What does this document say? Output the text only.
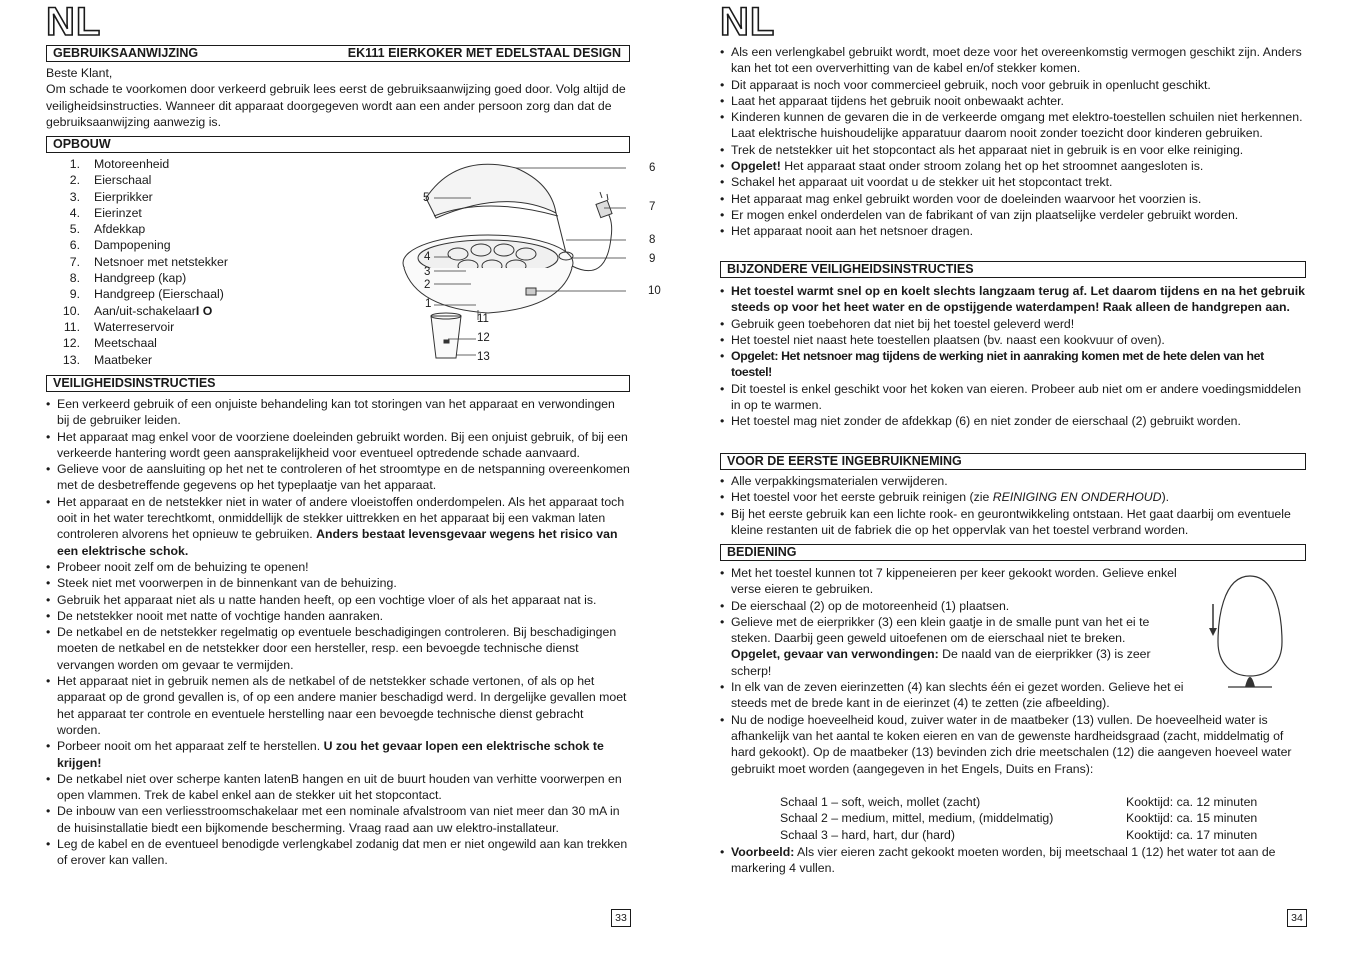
NL
GEBRUIKSAANWIJZING	EK111 EIERKOKER MET EDELSTAAL DESIGN

Beste Klant,

Om schade te voorkomen door verkeerd gebruik lees eerst de gebruiksaanwijzing goed door. Volg altijd de veiligheidsinstructies. Wanneer dit apparaat doorgegeven wordt aan een ander persoon zorg dan dat de gebruiksaanwijzing aanwezig is.

OPBOUW
1.	Motoreenheid
2.	Eierschaal
3.	Eierprikker
4.	Eierinzet
5.	Afdekkap
6.	Dampopening
7.	Netsnoer met netstekker
8.	Handgreep (kap)
9.	Handgreep (Eierschaal)
10.	Aan/uit-schakelaar I O
11.	Waterreservoir
12.	Meetschaal
13.	Maatbeker
6
5
7
8
4	9
3
2	10
1
11
12
13
VEILIGHEIDSINSTRUCTIES
• Een verkeerd gebruik of een onjuiste behandeling kan tot storingen van het apparaat en verwondingen bij de gebruiker leiden.
• Het apparaat mag enkel voor de voorziene doeleinden gebruikt worden. Bij een onjuist gebruik, of bij een verkeerde hantering wordt geen aansprakelijkheid voor eventueel optredende schade aanvaard.
• Gelieve voor de aansluiting op het net te controleren of het stroomtype en de netspanning overeenkomen met de desbetreffende gegevens op het typeplaatje van het apparaat.
• Het apparaat en de netstekker niet in water of andere vloeistoffen onderdompelen. Als het apparaat toch ooit in het water terechtkomt, onmiddellijk de stekker uittrekken en het apparaat bij een vakman laten controleren alvorens het opnieuw te gebruiken. Anders bestaat levensgevaar wegens het risico van een elektrische schok.
• Probeer nooit zelf om de behuizing te openen!
• Steek niet met voorwerpen in de binnenkant van de behuizing.
• Gebruik het apparaat niet als u natte handen heeft, op een vochtige vloer of als het apparaat nat is.
• De netstekker nooit met natte of vochtige handen aanraken.
• De netkabel en de netstekker regelmatig op eventuele beschadigingen controleren. Bij beschadigingen moeten de netkabel en de netstekker door een hersteller, resp. een bevoegde technische dienst vervangen worden om gevaar te vermijden.
• Het apparaat niet in gebruik nemen als de netkabel of de netstekker schade vertonen, of als op het apparaat op de grond gevallen is, of op een andere manier beschadigd werd. In dergelijke gevallen moet het apparaat ter controle en eventuele herstelling naar een bevoegde technische dienst gebracht worden.
• Porbeer nooit om het apparaat zelf te herstellen. U zou het gevaar lopen een elektrische schok te krijgen!
• De netkabel niet over scherpe kanten latenB hangen en uit de buurt houden van verhitte voorwerpen en open vlammen. Trek de kabel enkel aan de stekker uit het stopcontact.
• De inbouw van een verliesstroomschakelaar met een nominale afvalstroom van niet meer dan 30 mA in de huisinstallatie biedt een bijkomende bescherming. Vraag raad aan uw elektro-installateur.
• Leg de kabel en de eventueel benodigde verlengkabel zodanig dat men er niet ongewild aan kan trekken of erover kan vallen.
33
NL
• Als een verlengkabel gebruikt wordt, moet deze voor het overeenkomstig vermogen geschikt zijn. Anders kan het tot een oververhitting van de kabel en/of stekker komen.
• Dit apparaat is noch voor commercieel gebruik, noch voor gebruik in openlucht geschikt.
• Laat het apparaat tijdens het gebruik nooit onbewaakt achter.
• Kinderen kunnen de gevaren die in de verkeerde omgang met elektro-toestellen schuilen niet herkennen.
Laat elektrische huishoudelijke apparatuur daarom nooit zonder toezicht door kinderen gebruiken.
• Trek de netstekker uit het stopcontact als het apparaat niet in gebruik is en voor elke reiniging.
• Opgelet! Het apparaat staat onder stroom zolang het op het stroomnet aangesloten is.
• Schakel het apparaat uit voordat u de stekker uit het stopcontact trekt.
• Het apparaat mag enkel gebruikt worden voor de doeleinden waarvoor het voorzien is.
• Er mogen enkel onderdelen van de fabrikant of van zijn plaatselijke verdeler gebruikt worden.
• Het apparaat nooit aan het netsnoer dragen.
BIJZONDERE VEILIGHEIDSINSTRUCTIES
• Het toestel warmt snel op en koelt slechts langzaam terug af. Let daarom tijdens en na het gebruik steeds op voor het heet water en de opstijgende waterdampen! Raak alleen de handgrepen aan.
• Gebruik geen toebehoren dat niet bij het toestel geleverd werd!
• Het toestel niet naast hete toestellen plaatsen (bv. naast een kookvuur of oven).
• Opgelet: Het netsnoer mag tijdens de werking niet in aanraking komen met de hete delen van het toestel!
• Dit toestel is enkel geschikt voor het koken van eieren. Probeer aub niet om er andere voedingsmiddelen in op te warmen.
• Het toestel mag niet zonder de afdekkap (6) en niet zonder de eierschaal (2) gebruikt worden.
VOOR DE EERSTE INGEBRUIKNEMING
• Alle verpakkingsmaterialen verwijderen.
• Het toestel voor het eerste gebruik reinigen (zie REINIGING EN ONDERHOUD).
• Bij het eerste gebruik kan een lichte rook- en geurontwikkeling ontstaan. Het gaat daarbij om eventuele kleine restanten uit de fabriek die op het oppervlak van het toestel verbrand worden.
BEDIENING
• Met het toestel kunnen tot 7 kippeneieren per keer gekookt worden. Gelieve enkel verse eieren te gebruiken.
• De eierschaal (2) op de motoreenheid (1) plaatsen.
• Gelieve met de eierprikker (3) een klein gaatje in de smalle punt van het ei te steken. Daarbij geen geweld uitoefenen om de eierschaal niet te breken.
Opgelet, gevaar van verwondingen: De naald van de eierprikker (3) is zeer scherp!
• In elk van de zeven eierinzetten (4) kan slechts één ei gezet worden. Gelieve het ei steeds met de brede kant in de eierinzet (4) te zetten (zie afbeelding).
• Nu de nodige hoeveelheid koud, zuiver water in de maatbeker (13) vullen. De hoeveelheid water is afhankelijk van het aantal te koken eieren en van de gewenste hardheidsgraad (zacht, middelmatig of hard gekookt). Op de maatbeker (13) bevinden zich drie meetschalen (12) die aangeven hoeveel water gebruikt moet worden (aangegeven in het Engels, Duits en Frans):
Schaal 1 – soft, weich, mollet (zacht)	Kooktijd: ca. 12 minuten
Schaal 2 – medium, mittel, medium, (middelmatig)	Kooktijd: ca. 15 minuten
Schaal 3 – hard, hart, dur (hard)	Kooktijd: ca. 17 minuten
• Voorbeeld: Als vier eieren zacht gekookt moeten worden, bij meetschaal 1 (12) het water tot aan de markering 4 vullen.
34
